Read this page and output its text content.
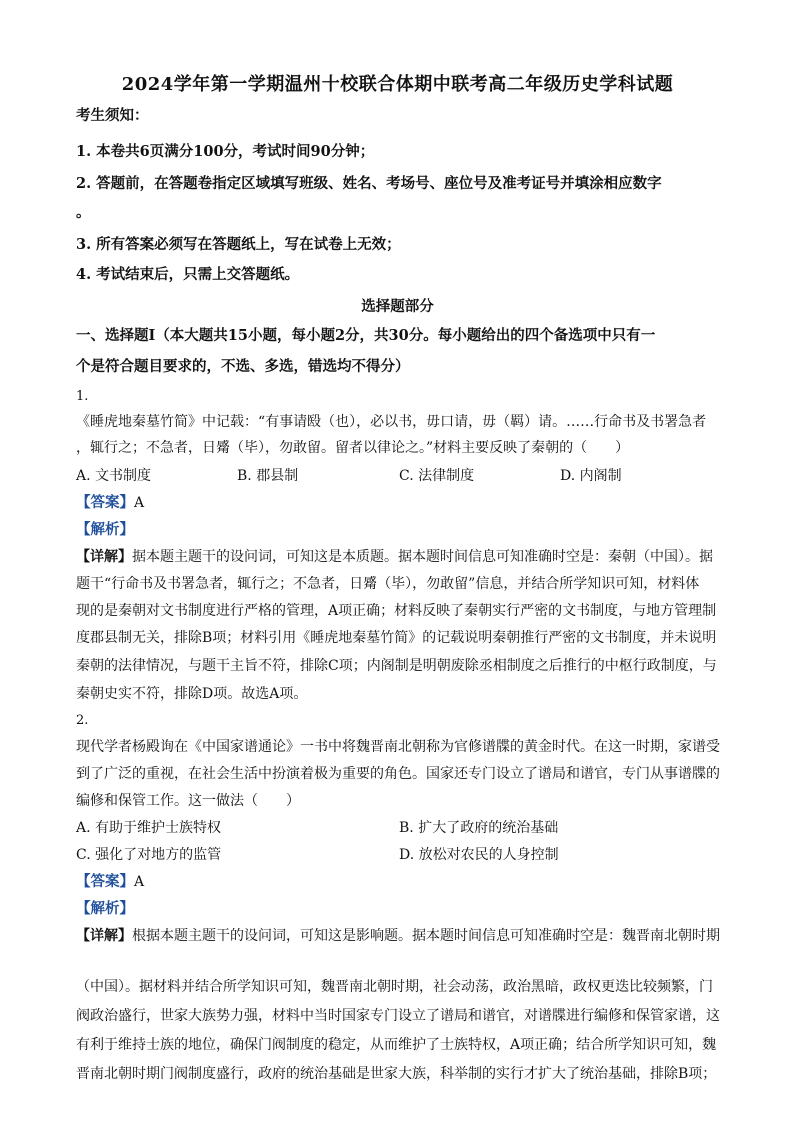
2024学年第一学期温州十校联合体期中联考高二年级历史学科试题
考生须知：
1. 本卷共6页满分100分，考试时间90分钟；
2. 答题前，在答题卷指定区域填写班级、姓名、考场号、座位号及准考证号并填涂相应数字
。
3. 所有答案必须写在答题纸上，写在试卷上无效；
4. 考试结束后，只需上交答题纸。
选择题部分
一、选择题Ⅰ（本大题共15小题，每小题2分，共30分。每小题给出的四个备选项中只有一
个是符合题目要求的，不选、多选，错选均不得分）
1.
《睡虎地秦墓竹简》中记载：“有事请殹（也），必以书，毋口请，毋（羁）请。……行命书及书署急者
，辄行之；不急者，日觱（毕），勿敢留。留者以律论之。”材料主要反映了秦朝的（　　）
A. 文书制度	B. 郡县制	C. 法律制度	D. 内阁制
【答案】A
【解析】
【详解】据本题主题干的设问词，可知这是本质题。据本题时间信息可知准确时空是：秦朝（中国）。据
题干“行命书及书署急者，辄行之；不急者，日觱（毕），勿敢留”信息，并结合所学知识可知，材料体
现的是秦朝对文书制度进行严格的管理，A项正确；材料反映了秦朝实行严密的文书制度，与地方管理制
度郡县制无关，排除B项；材料引用《睡虎地秦墓竹简》的记载说明秦朝推行严密的文书制度，并未说明
秦朝的法律情况，与题干主旨不符，排除C项；内阁制是明朝废除丞相制度之后推行的中枢行政制度，与
秦朝史实不符，排除D项。故选A项。
2.
现代学者杨殿询在《中国家谱通论》一书中将魏晋南北朝称为官修谱牒的黄金时代。在这一时期，家谱受
到了广泛的重视，在社会生活中扮演着极为重要的角色。国家还专门设立了谱局和谱官，专门从事谱牒的
编修和保管工作。这一做法（　　）
A. 有助于维护士族特权	B. 扩大了政府的统治基础
C. 强化了对地方的监管	D. 放松对农民的人身控制
【答案】A
【解析】
【详解】根据本题主题干的设问词，可知这是影响题。据本题时间信息可知准确时空是：魏晋南北朝时期
（中国）。据材料并结合所学知识可知，魏晋南北朝时期，社会动荡，政治黑暗，政权更迭比较频繁，门
阀政治盛行，世家大族势力强，材料中当时国家专门设立了谱局和谱官，对谱牒进行编修和保管家谱，这
有利于维持士族的地位，确保门阀制度的稳定，从而维护了士族特权，A项正确；结合所学知识可知，魏
晋南北朝时期门阀制度盛行，政府的统治基础是世家大族，科举制的实行才扩大了统治基础，排除B项；
